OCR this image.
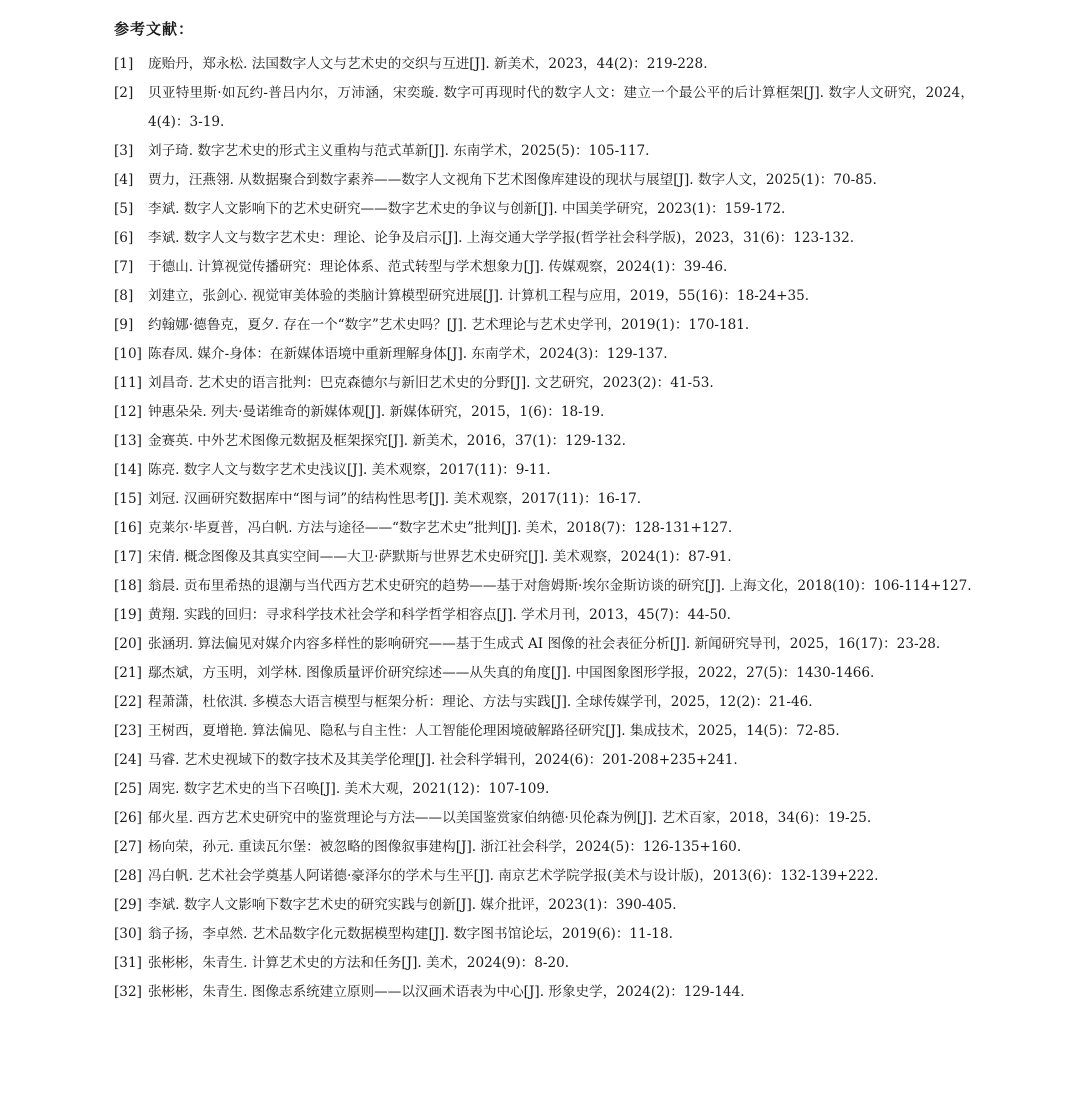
参考文献：
[1]	庞贻丹，郑永松. 法国数字人文与艺术史的交织与互进[J]. 新美术，2023，44(2)：219-228.
[2]	贝亚特里斯·如瓦约-普吕内尔，万沛涵，宋奕璇. 数字可再现时代的数字人文：建立一个最公平的后计算框架[J]. 数字人文研究，2024，4(4)：3-19.
[3]	刘子琦. 数字艺术史的形式主义重构与范式革新[J]. 东南学术，2025(5)：105-117.
[4]	贾力，汪燕翎. 从数据聚合到数字素养——数字人文视角下艺术图像库建设的现状与展望[J]. 数字人文，2025(1)：70-85.
[5]	李斌. 数字人文影响下的艺术史研究——数字艺术史的争议与创新[J]. 中国美学研究，2023(1)：159-172.
[6]	李斌. 数字人文与数字艺术史：理论、论争及启示[J]. 上海交通大学学报(哲学社会科学版)，2023，31(6)：123-132.
[7]	于德山. 计算视觉传播研究：理论体系、范式转型与学术想象力[J]. 传媒观察，2024(1)：39-46.
[8]	刘建立，张剑心. 视觉审美体验的类脑计算模型研究进展[J]. 计算机工程与应用，2019，55(16)：18-24+35.
[9]	约翰娜·德鲁克，夏夕. 存在一个“数字”艺术史吗？[J]. 艺术理论与艺术史学刊，2019(1)：170-181.
[10] 陈春凤. 媒介-身体：在新媒体语境中重新理解身体[J]. 东南学术，2024(3)：129-137.
[11] 刘昌奇. 艺术史的语言批判：巴克森德尔与新旧艺术史的分野[J]. 文艺研究，2023(2)：41-53.
[12] 钟惠朵朵. 列夫·曼诺维奇的新媒体观[J]. 新媒体研究，2015，1(6)：18-19.
[13] 金赛英. 中外艺术图像元数据及框架探究[J]. 新美术，2016，37(1)：129-132.
[14] 陈亮. 数字人文与数字艺术史浅议[J]. 美术观察，2017(11)：9-11.
[15] 刘冠. 汉画研究数据库中“图与词”的结构性思考[J]. 美术观察，2017(11)：16-17.
[16] 克莱尔·毕夏普，冯白帆. 方法与途径——“数字艺术史”批判[J]. 美术，2018(7)：128-131+127.
[17] 宋倩. 概念图像及其真实空间——大卫·萨默斯与世界艺术史研究[J]. 美术观察，2024(1)：87-91.
[18] 翁晨. 贡布里希热的退潮与当代西方艺术史研究的趋势——基于对詹姆斯·埃尔金斯访谈的研究[J]. 上海文化，2018(10)：106-114+127.
[19] 黄翔. 实践的回归：寻求科学技术社会学和科学哲学相容点[J]. 学术月刊，2013，45(7)：44-50.
[20] 张涵玥. 算法偏见对媒介内容多样性的影响研究——基于生成式 AI 图像的社会表征分析[J]. 新闻研究导刊，2025，16(17)：23-28.
[21] 鄢杰斌，方玉明，刘学林. 图像质量评价研究综述——从失真的角度[J]. 中国图象图形学报，2022，27(5)：1430-1466.
[22] 程萧潇，杜依淇. 多模态大语言模型与框架分析：理论、方法与实践[J]. 全球传媒学刊，2025，12(2)：21-46.
[23] 王树西，夏增艳. 算法偏见、隐私与自主性：人工智能伦理困境破解路径研究[J]. 集成技术，2025，14(5)：72-85.
[24] 马睿. 艺术史视域下的数字技术及其美学伦理[J]. 社会科学辑刊，2024(6)：201-208+235+241.
[25] 周宪. 数字艺术史的当下召唤[J]. 美术大观，2021(12)：107-109.
[26] 郁火星. 西方艺术史研究中的鉴赏理论与方法——以美国鉴赏家伯纳德·贝伦森为例[J]. 艺术百家，2018，34(6)：19-25.
[27] 杨向荣，孙元. 重读瓦尔堡：被忽略的图像叙事建构[J]. 浙江社会科学，2024(5)：126-135+160.
[28] 冯白帆. 艺术社会学奠基人阿诺德·豪泽尔的学术与生平[J]. 南京艺术学院学报(美术与设计版)，2013(6)：132-139+222.
[29] 李斌. 数字人文影响下数字艺术史的研究实践与创新[J]. 媒介批评，2023(1)：390-405.
[30] 翁子扬，李卓然. 艺术品数字化元数据模型构建[J]. 数字图书馆论坛，2019(6)：11-18.
[31] 张彬彬，朱青生. 计算艺术史的方法和任务[J]. 美术，2024(9)：8-20.
[32] 张彬彬，朱青生. 图像志系统建立原则——以汉画术语表为中心[J]. 形象史学，2024(2)：129-144.
